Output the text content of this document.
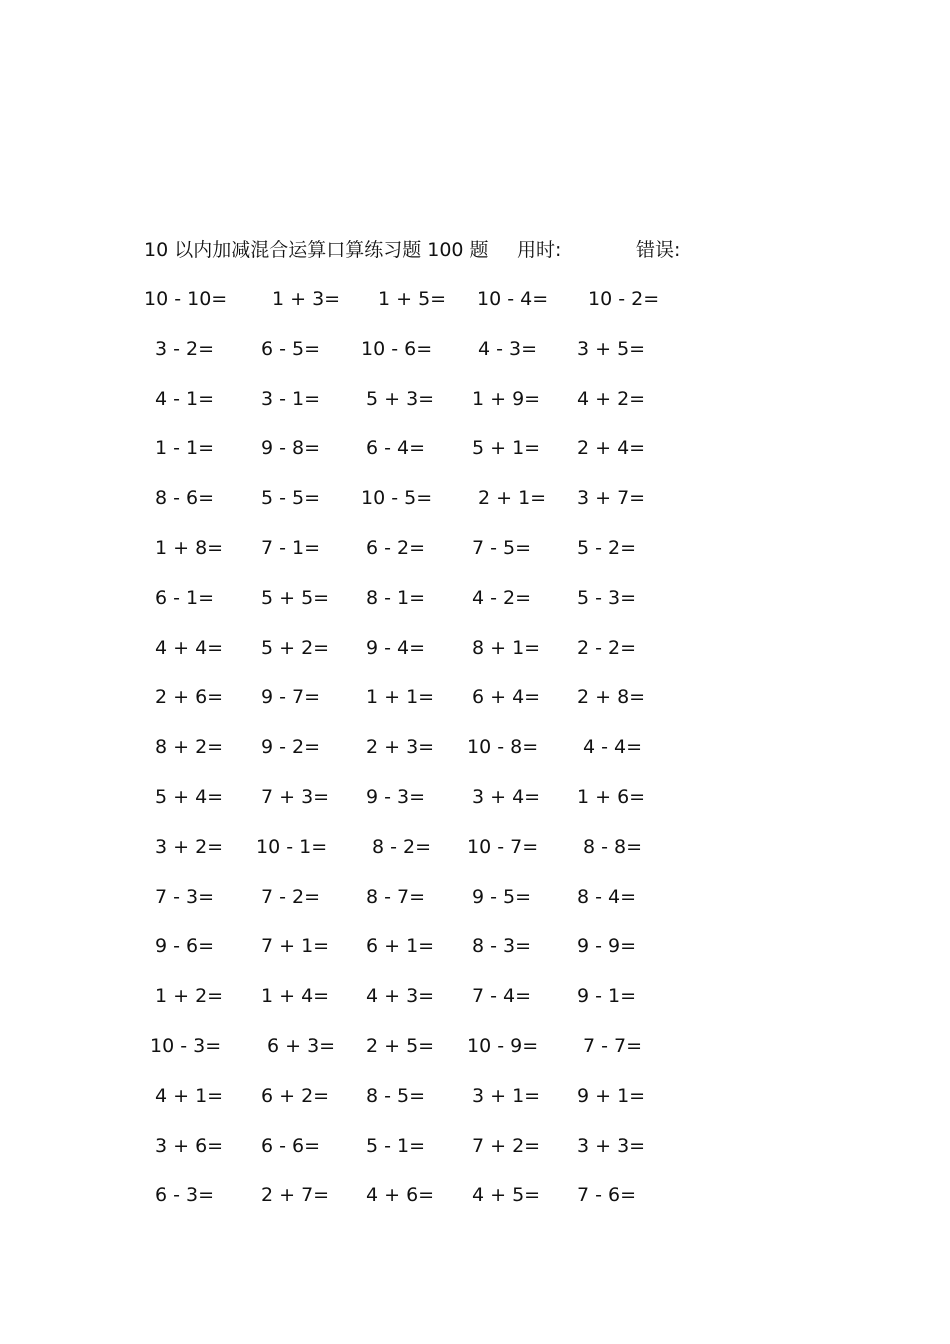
10 以内加减混合运算口算练习题 100 题 用时:	错误:
10 - 10= 1 + 3= 1 + 5= 10 - 4= 10 - 2=
3 - 2= 6 - 5= 10 - 6= 4 - 3= 3 + 5=
4 - 1= 3 - 1= 5 + 3= 1 + 9= 4 + 2=
1 - 1= 9 - 8= 6 - 4= 5 + 1= 2 + 4=
8 - 6= 5 - 5= 10 - 5= 2 + 1= 3 + 7=
1 + 8= 7 - 1= 6 - 2= 7 - 5= 5 - 2=
6 - 1= 5 + 5= 8 - 1= 4 - 2= 5 - 3=
4 + 4= 5 + 2= 9 - 4= 8 + 1= 2 - 2=
2 + 6= 9 - 7= 1 + 1= 6 + 4= 2 + 8=
8 + 2= 9 - 2= 2 + 3= 10 - 8= 4 - 4=
5 + 4= 7 + 3= 9 - 3= 3 + 4= 1 + 6=
3 + 2= 10 - 1= 8 - 2= 10 - 7= 8 - 8=
7 - 3= 7 - 2= 8 - 7= 9 - 5= 8 - 4=
9 - 6= 7 + 1= 6 + 1= 8 - 3= 9 - 9=
1 + 2= 1 + 4= 4 + 3= 7 - 4= 9 - 1=
10 - 3= 6 + 3= 2 + 5= 10 - 9= 7 - 7=
4 + 1= 6 + 2= 8 - 5= 3 + 1= 9 + 1=
3 + 6= 6 - 6= 5 - 1= 7 + 2= 3 + 3=
6 - 3= 2 + 7= 4 + 6= 4 + 5= 7 - 6=
